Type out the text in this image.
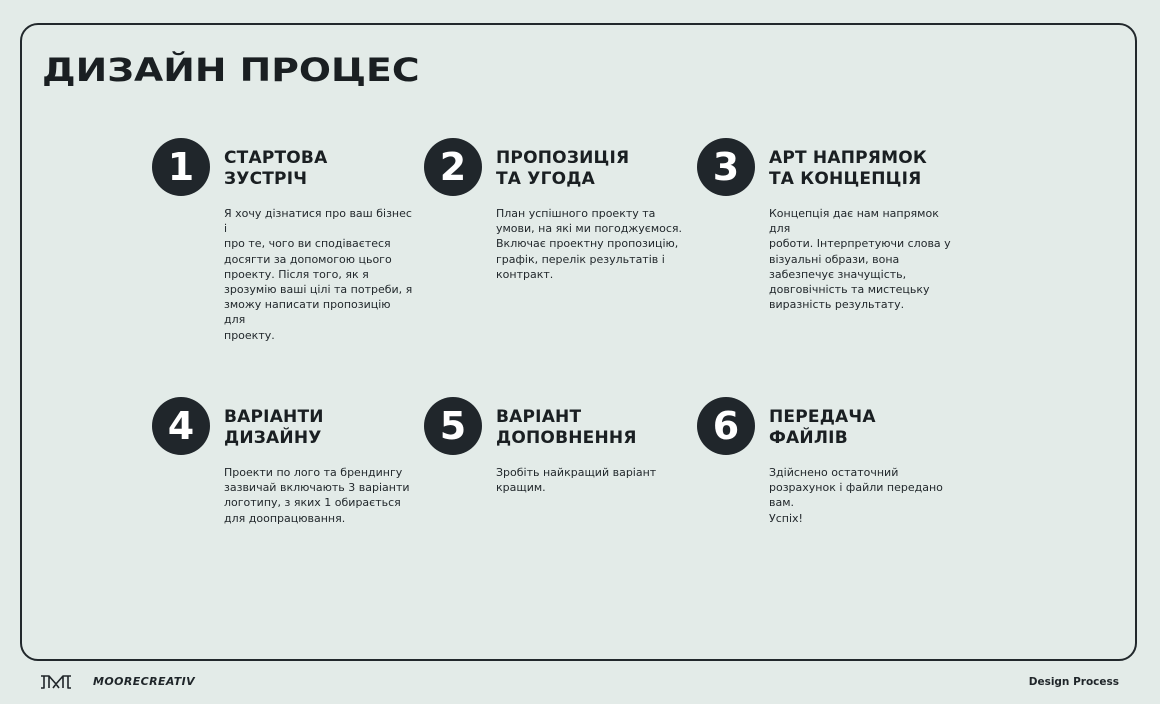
ДИЗАЙН ПРОЦЕС
1	СТАРТОВА
ЗУСТРІЧ

Я хочу дізнатися про ваш бізнес і
про те, чого ви сподіваєтеся
досягти за допомогою цього
проекту. Після того, як я
зрозумію ваші цілі та потреби, я
зможу написати пропозицію для
проекту.

2	ПРОПОЗИЦІЯ
ТА УГОДА

План успішного проекту та
умови, на які ми погоджуємося.
Включає проектну пропозицію,
графік, перелік результатів і
контракт.

3	АРТ НАПРЯМОК
ТА КОНЦЕПЦІЯ

Концепція дає нам напрямок для
роботи. Інтерпретуючи слова у
візуальні образи, вона
забезпечує значущість,
довговічність та мистецьку
виразність результату.

4	ВАРІАНТИ
ДИЗАЙНУ

Проекти по лого та брендингу
зазвичай включають 3 варіанти
логотипу, з яких 1 обирається
для доопрацювання.

5	ВАРІАНТ
ДОПОВНЕННЯ

Зробіть найкращий варіант
кращим.

6	ПЕРЕДАЧА
ФАЙЛІВ

Здійснено остаточний
розрахунок і файли передано
вам.
Успіх!

MOORECREATIV	Design Process
